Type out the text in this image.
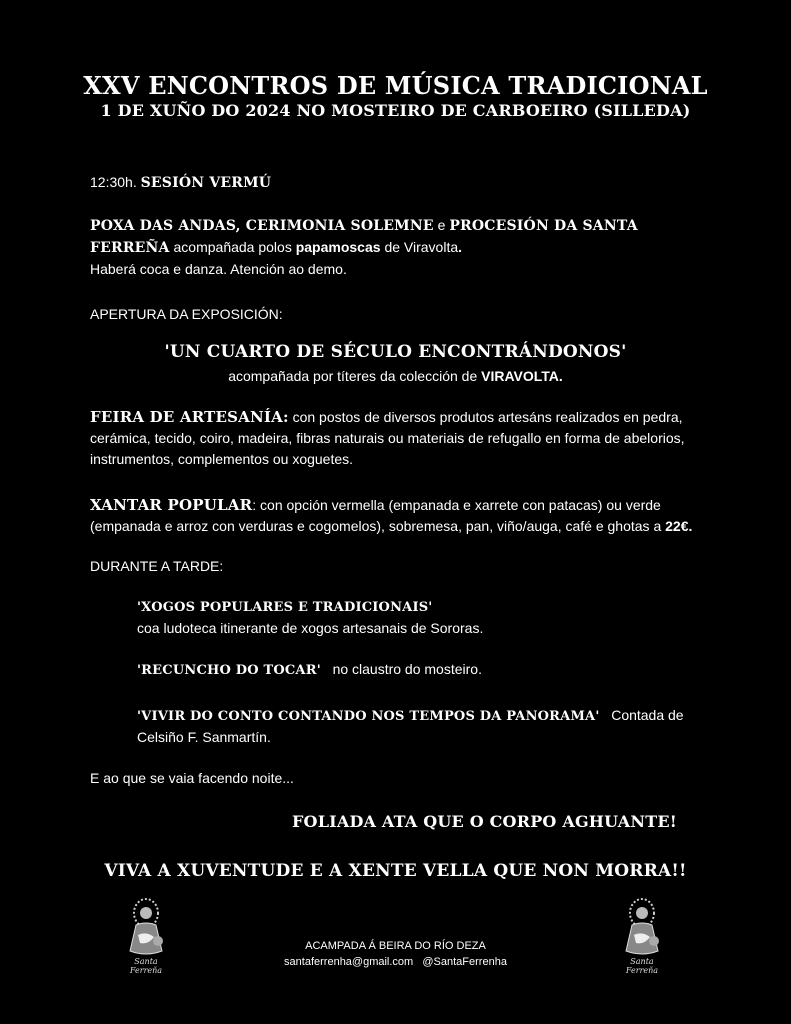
XXV ENCONTROS DE MÚSICA TRADICIONAL
1 DE XUÑO DO 2024 NO MOSTEIRO DE CARBOEIRO (SILLEDA)
12:30h. SESIÓN VERMÚ
POXA DAS ANDAS, CERIMONIA SOLEMNE e PROCESIÓN DA SANTA FERREÑA acompañada polos papamoscas de Viravolta.
Haberá coca e danza. Atención ao demo.
APERTURA DA EXPOSICIÓN:
'UN CUARTO DE SÉCULO ENCONTRÁNDONOS'
acompañada por títeres da colección de VIRAVOLTA.
FEIRA DE ARTESANÍA: con postos de diversos produtos artesáns realizados en pedra, cerámica, tecido, coiro, madeira, fibras naturais ou materiais de refugallo en forma de abelorios, instrumentos, complementos ou xoguetes.
XANTAR POPULAR: con opción vermella (empanada e xarrete con patacas) ou verde (empanada e arroz con verduras e cogomelos), sobremesa, pan, viño/auga, café e ghotas a 22€.
DURANTE A TARDE:
'XOGOS POPULARES E TRADICIONAIS'
coa ludoteca itinerante de xogos artesanais de Sororas.
'RECUNCHO DO TOCAR' no claustro do mosteiro.
'VIVIR DO CONTO CONTANDO NOS TEMPOS DA PANORAMA' Contada de Celsiño F. Sanmartín.
E ao que se vaia facendo noite...
FOLIADA ATA QUE O CORPO AGHUANTE!
VIVA A XUVENTUDE E A XENTE VELLA QUE NON MORRA!!
ACAMPADA Á BEIRA DO RÍO DEZA
santaferrenha@gmail.com @SantaFerrenha
Santa Ferreña
Santa Ferreña
